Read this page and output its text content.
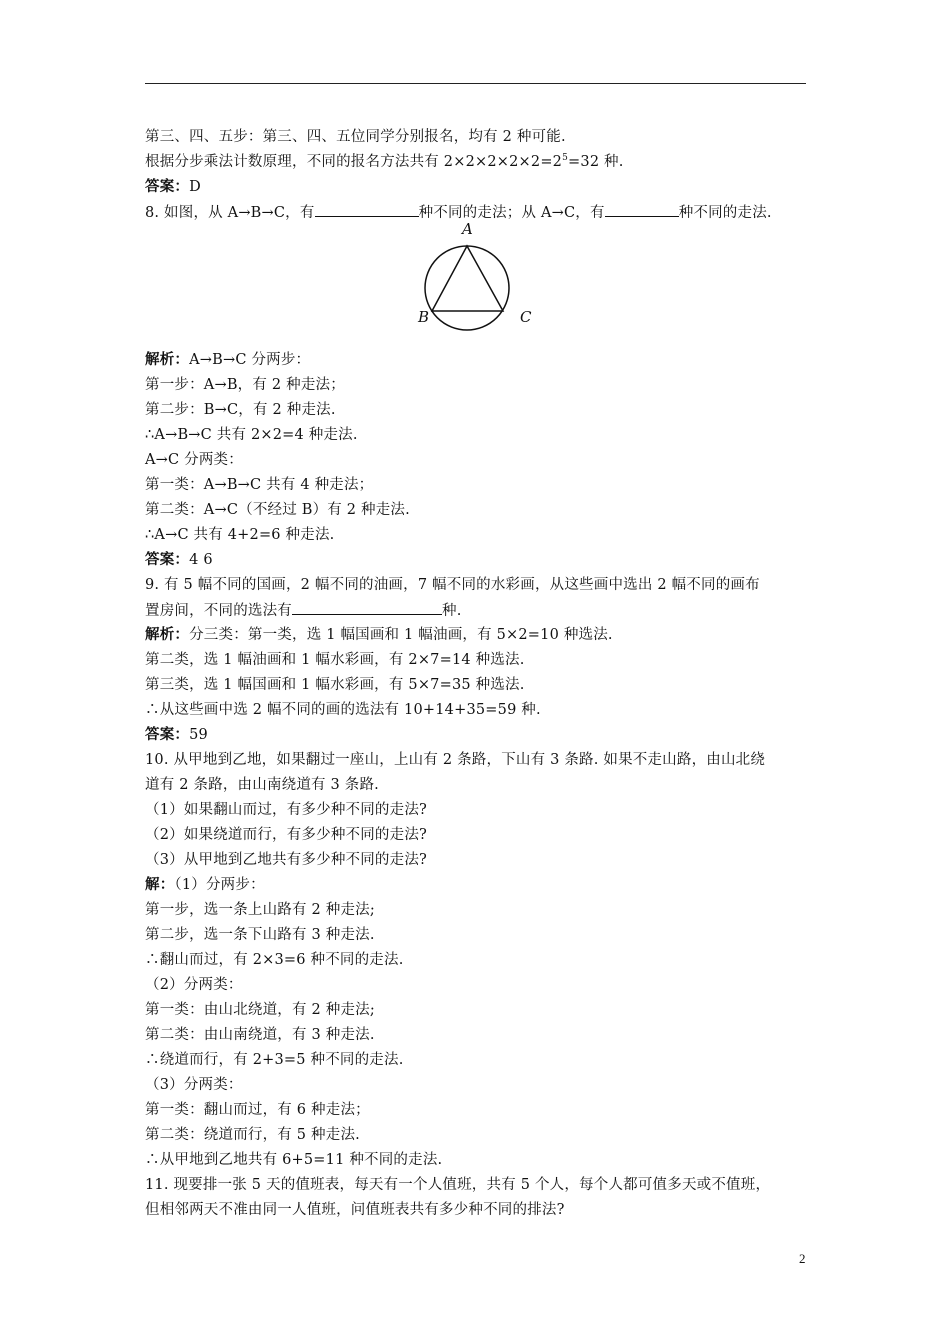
第三、四、五步：第三、四、五位同学分别报名，均有 2 种可能.
根据分步乘法计数原理，不同的报名方法共有 $2\times 2\times 2\times 2\times 2=2^5=32$ 种.
答案：D
8. 如图，从 A→B→C，有	种不同的走法；从 A→C，有	种不同的走法.
A
B	C
解析：A→B→C 分两步：
第一步：A→B，有 2 种走法；
第二步：B→C，有 2 种走法.
∴A→B→C 共有 2×2=4 种走法.
A→C 分两类：
第一类：A→B→C 共有 4 种走法；
第二类：A→C（不经过 B）有 2 种走法.
∴A→C 共有 4+2=6 种走法.
答案：4 6
9. 有 5 幅不同的国画，2 幅不同的油画，7 幅不同的水彩画，从这些画中选出 2 幅不同的画布
置房间，不同的选法有	种.
解析：分三类：第一类，选 1 幅国画和 1 幅油画，有 5×2=10 种选法.
第二类，选 1 幅油画和 1 幅水彩画，有 2×7=14 种选法.
第三类，选 1 幅国画和 1 幅水彩画，有 5×7=35 种选法.
∴从这些画中选 2 幅不同的画的选法有 10+14+35=59 种.
答案：59
10. 从甲地到乙地，如果翻过一座山，上山有 2 条路，下山有 3 条路. 如果不走山路，由山北绕
道有 2 条路，由山南绕道有 3 条路.
（1）如果翻山而过，有多少种不同的走法?
（2）如果绕道而行，有多少种不同的走法?
（3）从甲地到乙地共有多少种不同的走法?
解：（1）分两步：
第一步，选一条上山路有 2 种走法;
第二步，选一条下山路有 3 种走法.
∴翻山而过，有 2×3=6 种不同的走法.
（2）分两类：
第一类：由山北绕道，有 2 种走法;
第二类：由山南绕道，有 3 种走法.
∴绕道而行，有 2+3=5 种不同的走法.
（3）分两类：
第一类：翻山而过，有 6 种走法；
第二类：绕道而行，有 5 种走法.
∴从甲地到乙地共有 6+5=11 种不同的走法.
11. 现要排一张 5 天的值班表，每天有一个人值班，共有 5 个人，每个人都可值多天或不值班，
但相邻两天不准由同一人值班，问值班表共有多少种不同的排法?
2
